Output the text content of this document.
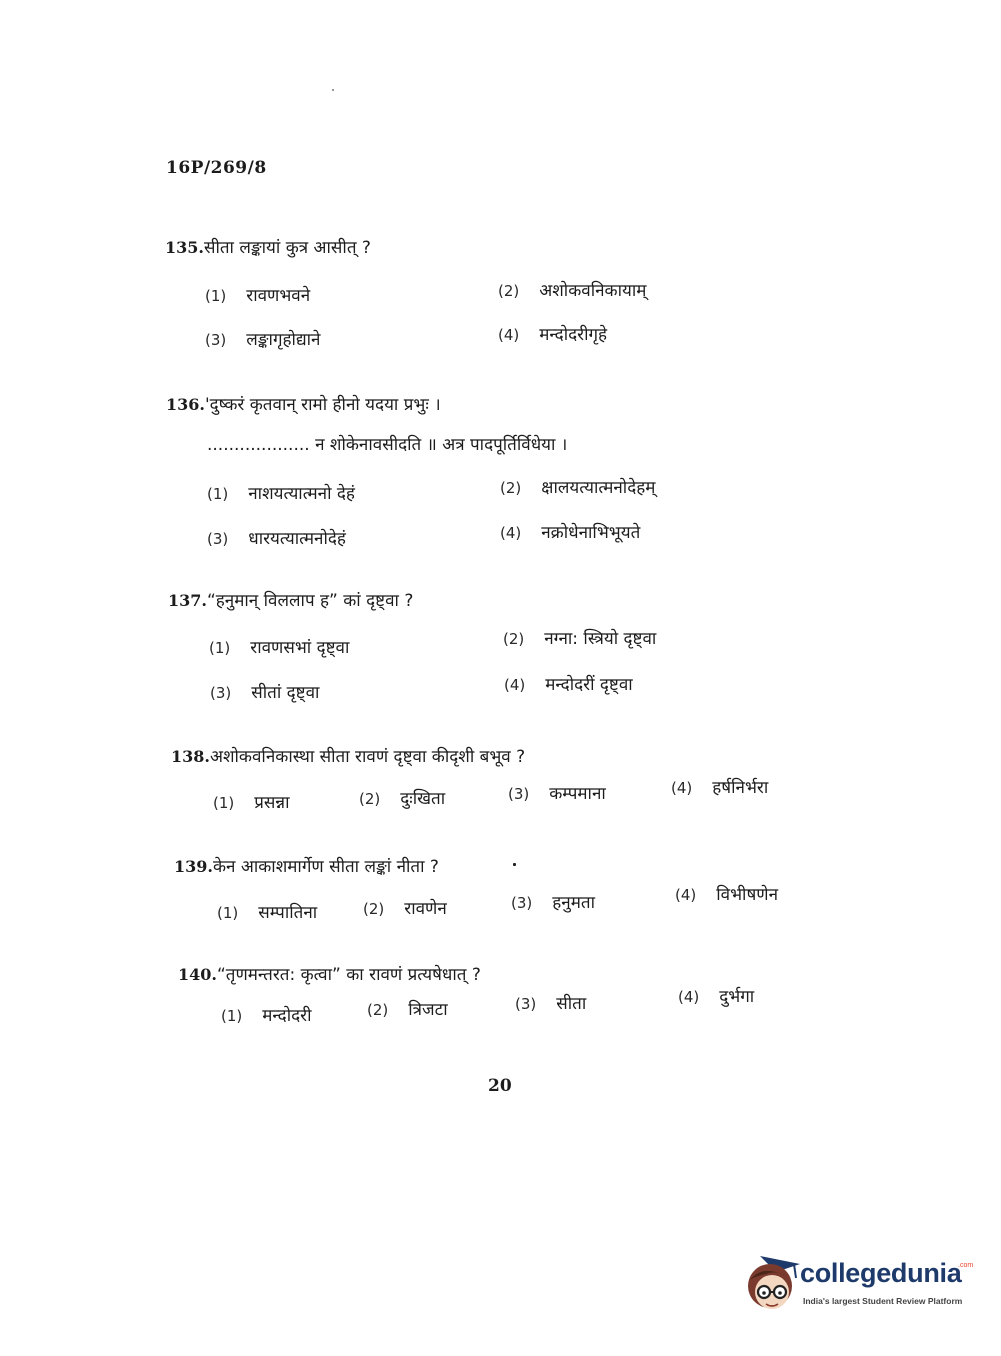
16P/269/8
135.सीता लङ्कायां कुत्र आसीत् ?
(1) रावणभवने	(2) अशोकवनिकायाम्
(3) लङ्कागृहोद्याने	(4) मन्दोदरीगृहे
136.'दुष्करं कृतवान् रामो हीनो यदया प्रभुः ।
................... न शोकेनावसीदति ॥ अत्र पादपूर्तिर्विधेया ।
(1) नाशयत्यात्मनो देहं	(2) क्षालयत्यात्मनोदेहम्
(3) धारयत्यात्मनोदेहं	(4) नक्रोधेनाभिभूयते
137.“हनुमान् विललाप ह” कां दृष्ट्वा ?
(1) रावणसभां दृष्ट्वा	(2) नग्ना: स्त्रियो दृष्ट्वा
(3) सीतां दृष्ट्वा	(4) मन्दोदरीं दृष्ट्वा
138.अशोकवनिकास्था सीता रावणं दृष्ट्वा कीदृशी बभूव ?
(1) प्रसन्ना	(2) दुःखिता	(3) कम्पमाना	(4) हर्षनिर्भरा
139.केन आकाशमार्गेण सीता लङ्कां नीता ?
(1) सम्पातिना	(2) रावणेन	(3) हनुमता	(4) विभीषणेन
140.“तृणमन्तरत: कृत्वा” का रावणं प्रत्यषेधात् ?
(1) मन्दोदरी	(2) त्रिजटा	(3) सीता	(4) दुर्भगा
20
collegedunia
.com
India's largest Student Review Platform
